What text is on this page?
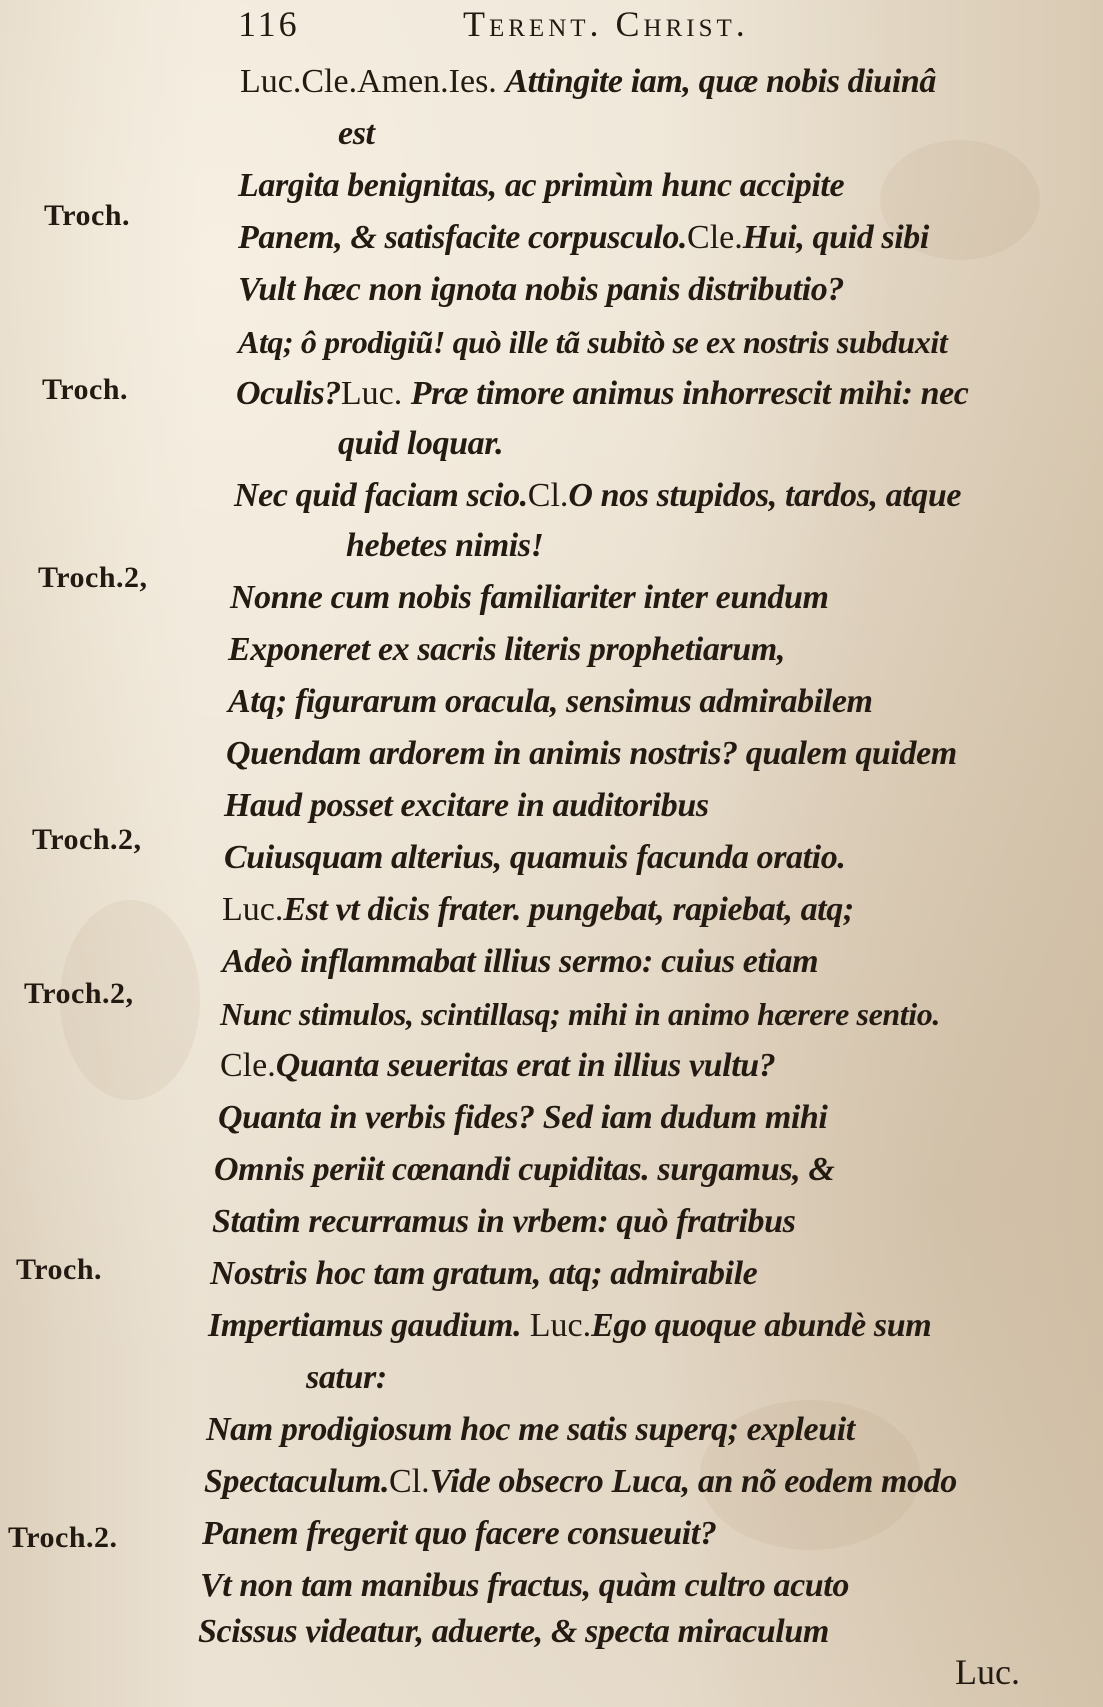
116	Terent. Christ.
Troch.
Troch.
Troch.2,
Troch.2,
Troch.2,
Troch.
Troch.2.
Luc.Cle.Amen.Ies. Attingite iam, quæ nobis diuinâ
est
Largita benignitas, ac primùm hunc accipite
Panem, & satisfacite corpusculo.Cle.Hui, quid sibi
Vult hæc non ignota nobis panis distributio?
Atq; ô prodigiũ! quò ille tã subitò se ex nostris subduxit
Oculis?Luc. Præ timore animus inhorrescit mihi: nec
quid loquar.
Nec quid faciam scio.Cl.O nos stupidos, tardos, atque
hebetes nimis!
Nonne cum nobis familiariter inter eundum
Exponeret ex sacris literis prophetiarum,
Atq; figurarum oracula, sensimus admirabilem
Quendam ardorem in animis nostris? qualem quidem
Haud posset excitare in auditoribus
Cuiusquam alterius, quamuis facunda oratio.
Luc.Est vt dicis frater. pungebat, rapiebat, atq;
Adeò inflammabat illius sermo: cuius etiam
Nunc stimulos, scintillasq; mihi in animo hærere sentio.
Cle.Quanta seueritas erat in illius vultu?
Quanta in verbis fides? Sed iam dudum mihi
Omnis periit cœnandi cupiditas. surgamus, &
Statim recurramus in vrbem: quò fratribus
Nostris hoc tam gratum, atq; admirabile
Impertiamus gaudium. Luc.Ego quoque abundè sum
satur:
Nam prodigiosum hoc me satis superq; expleuit
Spectaculum.Cl.Vide obsecro Luca, an nõ eodem modo
Panem fregerit quo facere consueuit?
Vt non tam manibus fractus, quàm cultro acuto
Scissus videatur, aduerte, & specta miraculum
Luc.
